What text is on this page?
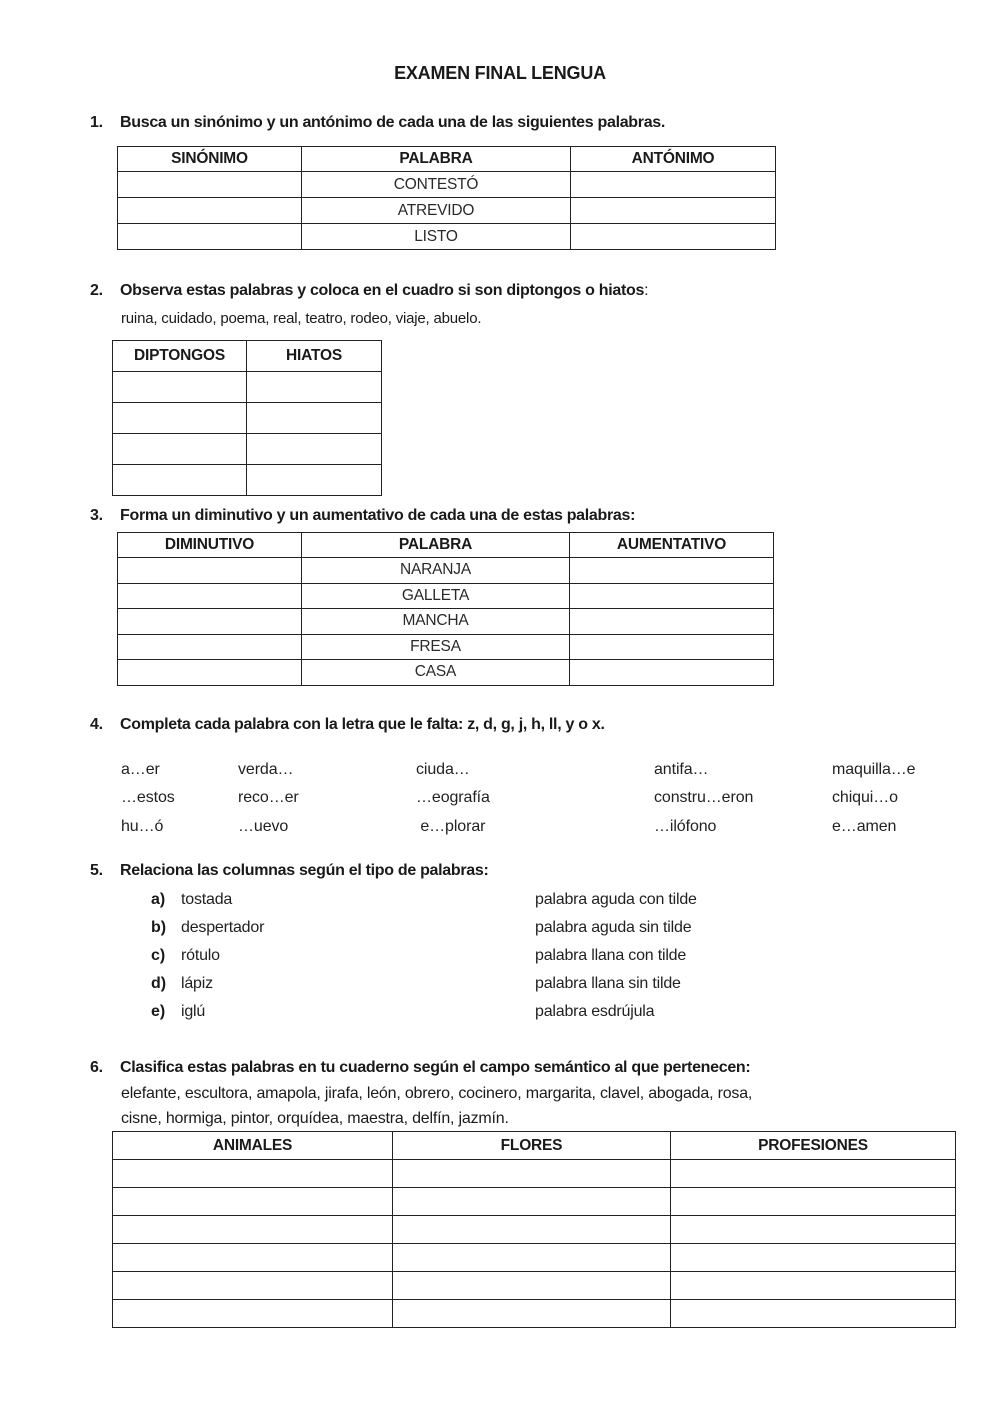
EXAMEN FINAL LENGUA
1. Busca un sinónimo y un antónimo de cada una de las siguientes palabras.
SINÓNIMO	PALABRA	ANTÓNIMO
	CONTESTÓ	
	ATREVIDO	
	LISTO	
2. Observa estas palabras y coloca en el cuadro si son diptongos o hiatos:
ruina, cuidado, poema, real, teatro, rodeo, viaje, abuelo.
DIPTONGOS	HIATOS

3. Forma un diminutivo y un aumentativo de cada una de estas palabras:
DIMINUTIVO	PALABRA	AUMENTATIVO
	NARANJA	
	GALLETA	
	MANCHA	
	FRESA	
	CASA	
4. Completa cada palabra con la letra que le falta: z, d, g, j, h, ll, y o x.
a…er	verda…	ciuda…	antifa…	maquilla…e
…estos	reco…er	…eografía	constru…eron	chiqui…o
hu…ó	…uevo	e…plorar	…ilófono	e…amen
5. Relaciona las columnas según el tipo de palabras:
a) tostada	palabra aguda con tilde
b) despertador	palabra aguda sin tilde
c) rótulo	palabra llana con tilde
d) lápiz	palabra llana sin tilde
e) iglú	palabra esdrújula
6. Clasifica estas palabras en tu cuaderno según el campo semántico al que pertenecen:
elefante, escultora, amapola, jirafa, león, obrero, cocinero, margarita, clavel, abogada, rosa,
cisne, hormiga, pintor, orquídea, maestra, delfín, jazmín.
ANIMALES	FLORES	PROFESIONES
